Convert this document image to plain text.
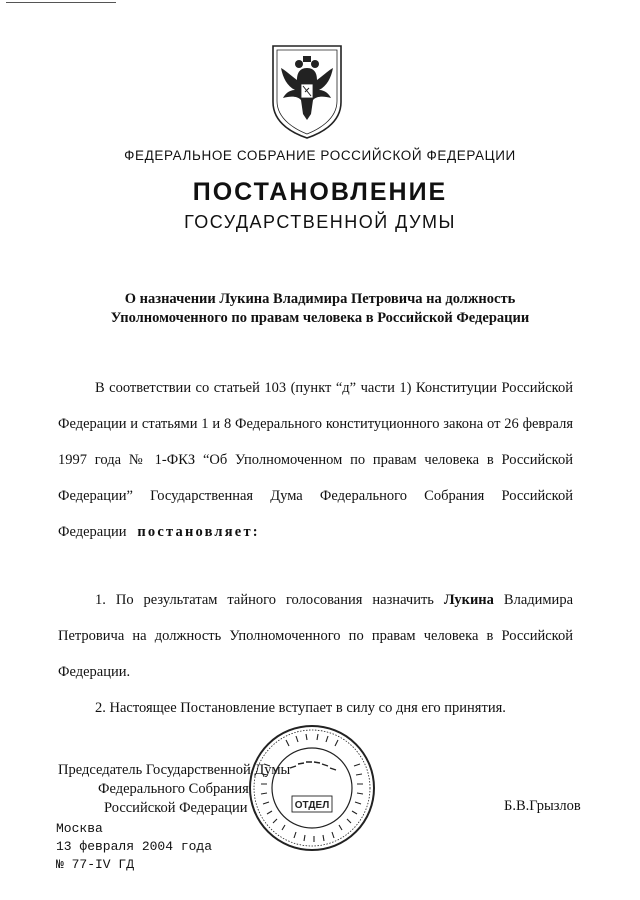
ФЕДЕРАЛЬНОЕ СОБРАНИЕ РОССИЙСКОЙ ФЕДЕРАЦИИ
ПОСТАНОВЛЕНИЕ
ГОСУДАРСТВЕННОЙ ДУМЫ
О назначении Лукина Владимира Петровича на должность
Уполномоченного по правам человека в Российской Федерации
В соответствии со статьей 103 (пункт “д” части 1) Конституции Российской Федерации и статьями 1 и 8 Федерального конституционного закона от 26 февраля 1997 года № 1-ФКЗ “Об Уполномоченном по правам человека в Российской Федерации” Государственная Дума Федерального Собрания Российской Федерации постановляет:
1. По результатам тайного голосования назначить Лукина Владимира Петровича на должность Уполномоченного по правам человека в Российской Федерации.
2. Настоящее Постановление вступает в силу со дня его принятия.
Председатель Государственной Думы
Федерального Собрания
Российской Федерации	Б.В.Грызлов
Москва
13 февраля 2004 года
№ 77-IV ГД
ОТДЕЛ
